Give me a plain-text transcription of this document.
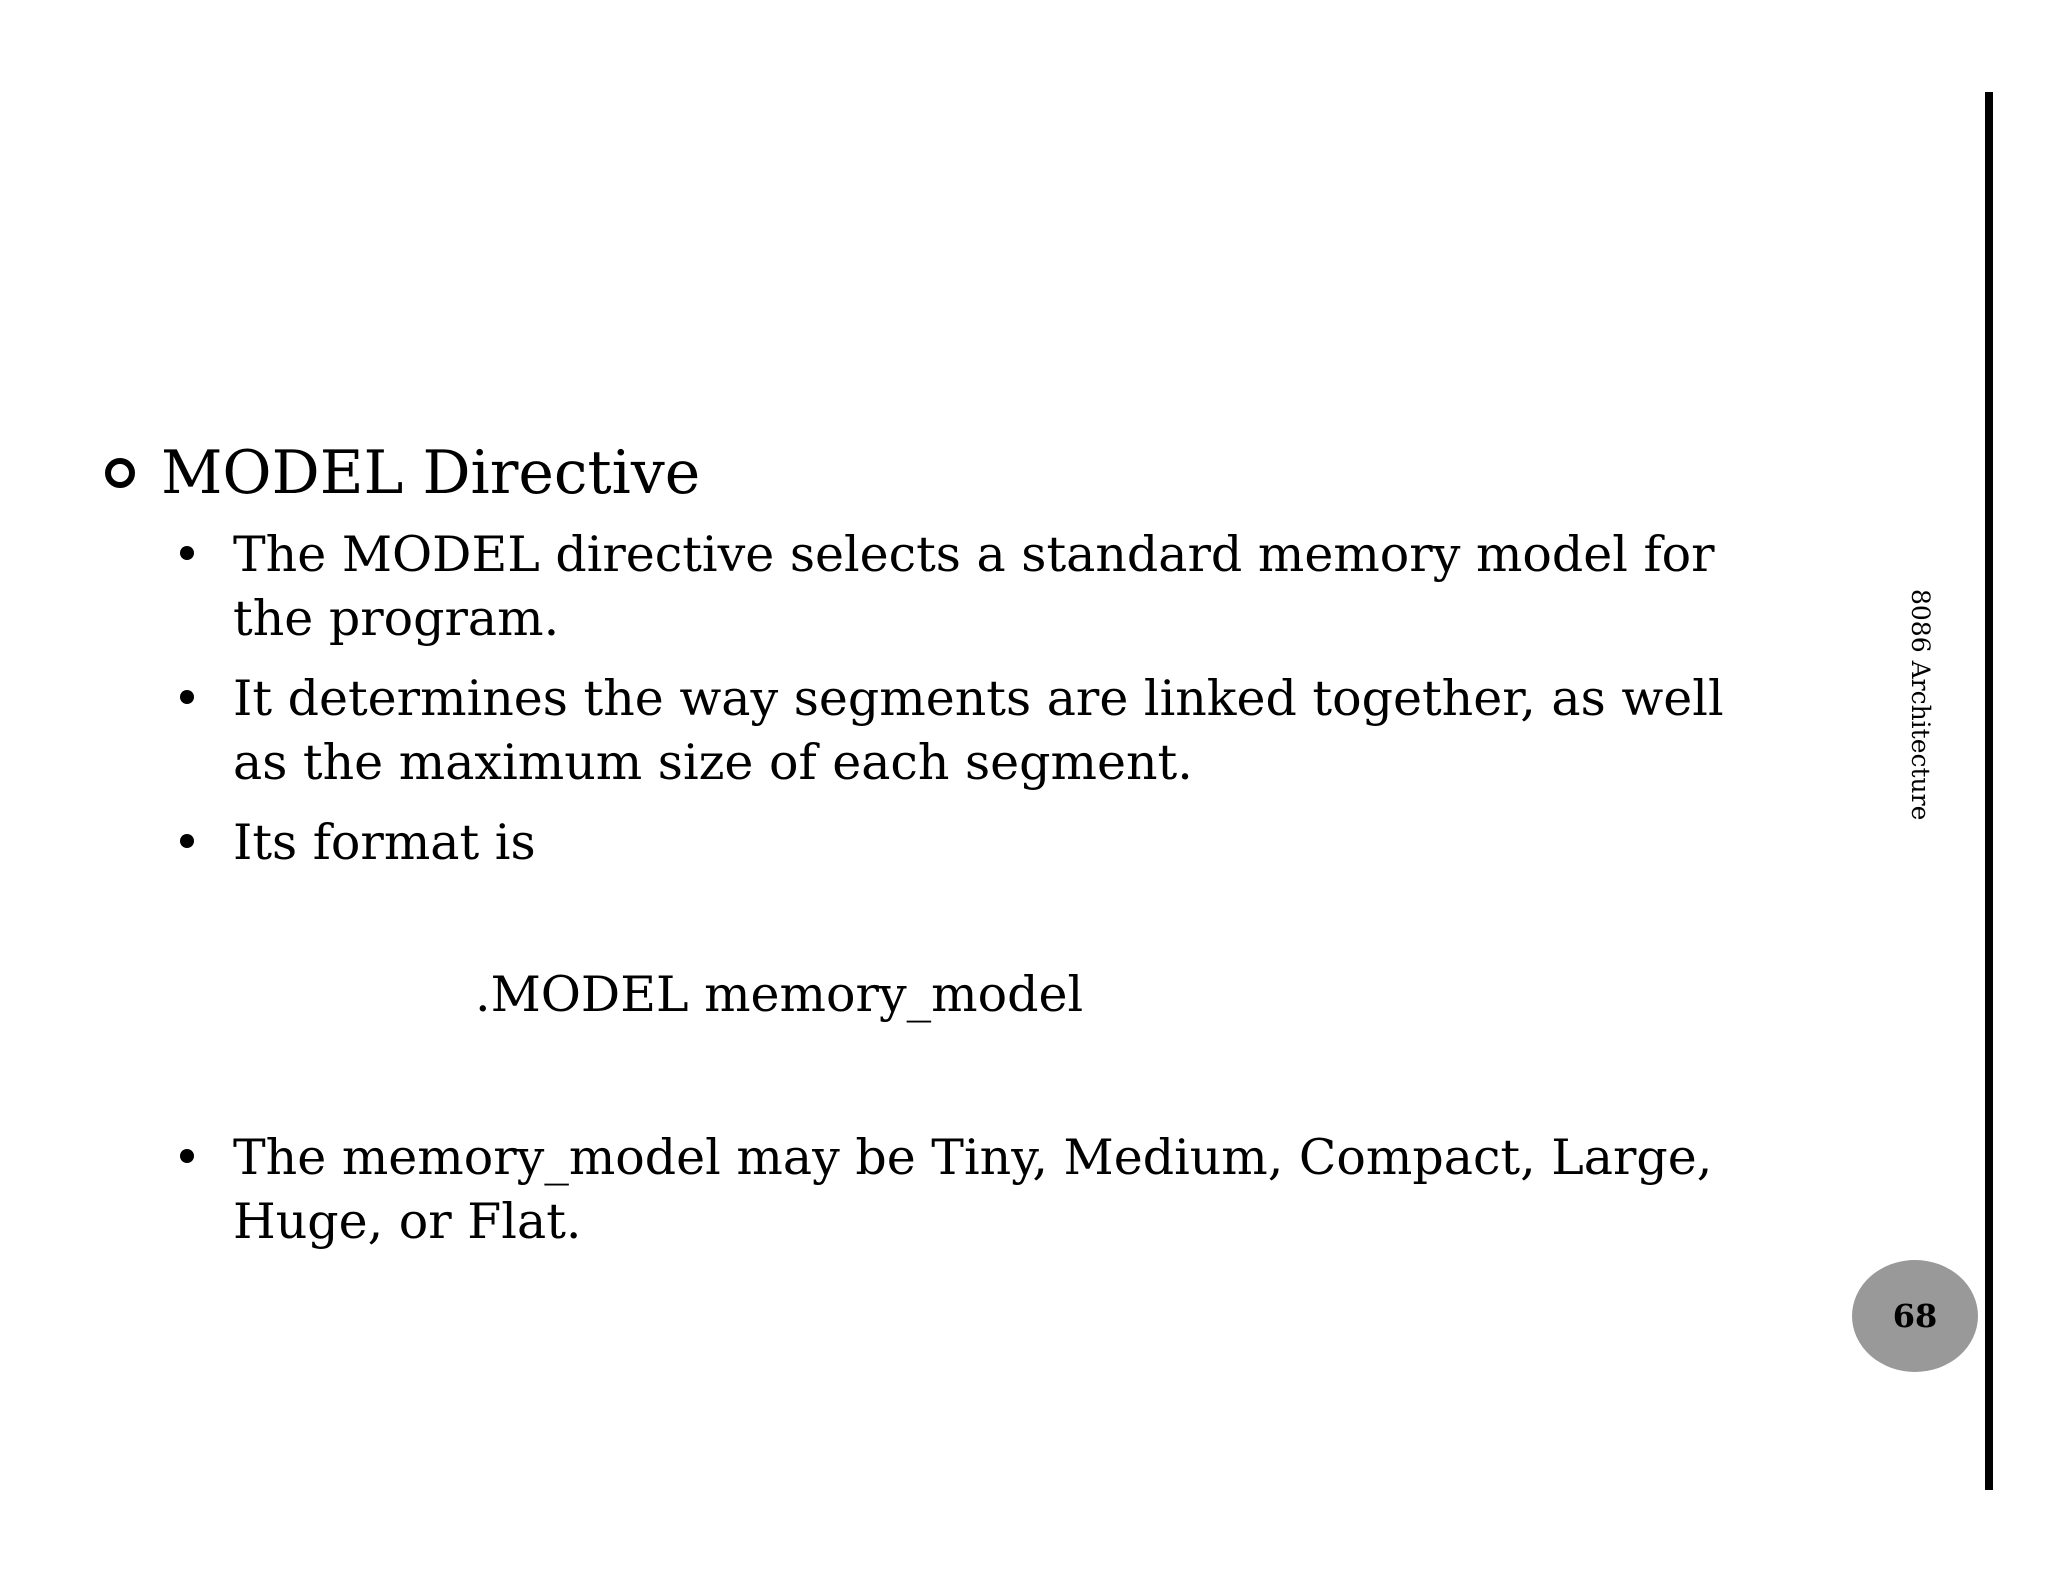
MODEL Directive
The MODEL directive selects a standard memory model for the program.
It determines the way segments are linked together, as well as the maximum size of each segment.
Its format is
.MODEL memory_model
The memory_model may be Tiny, Medium, Compact, Large, Huge, or Flat.
8086 Architecture
68
